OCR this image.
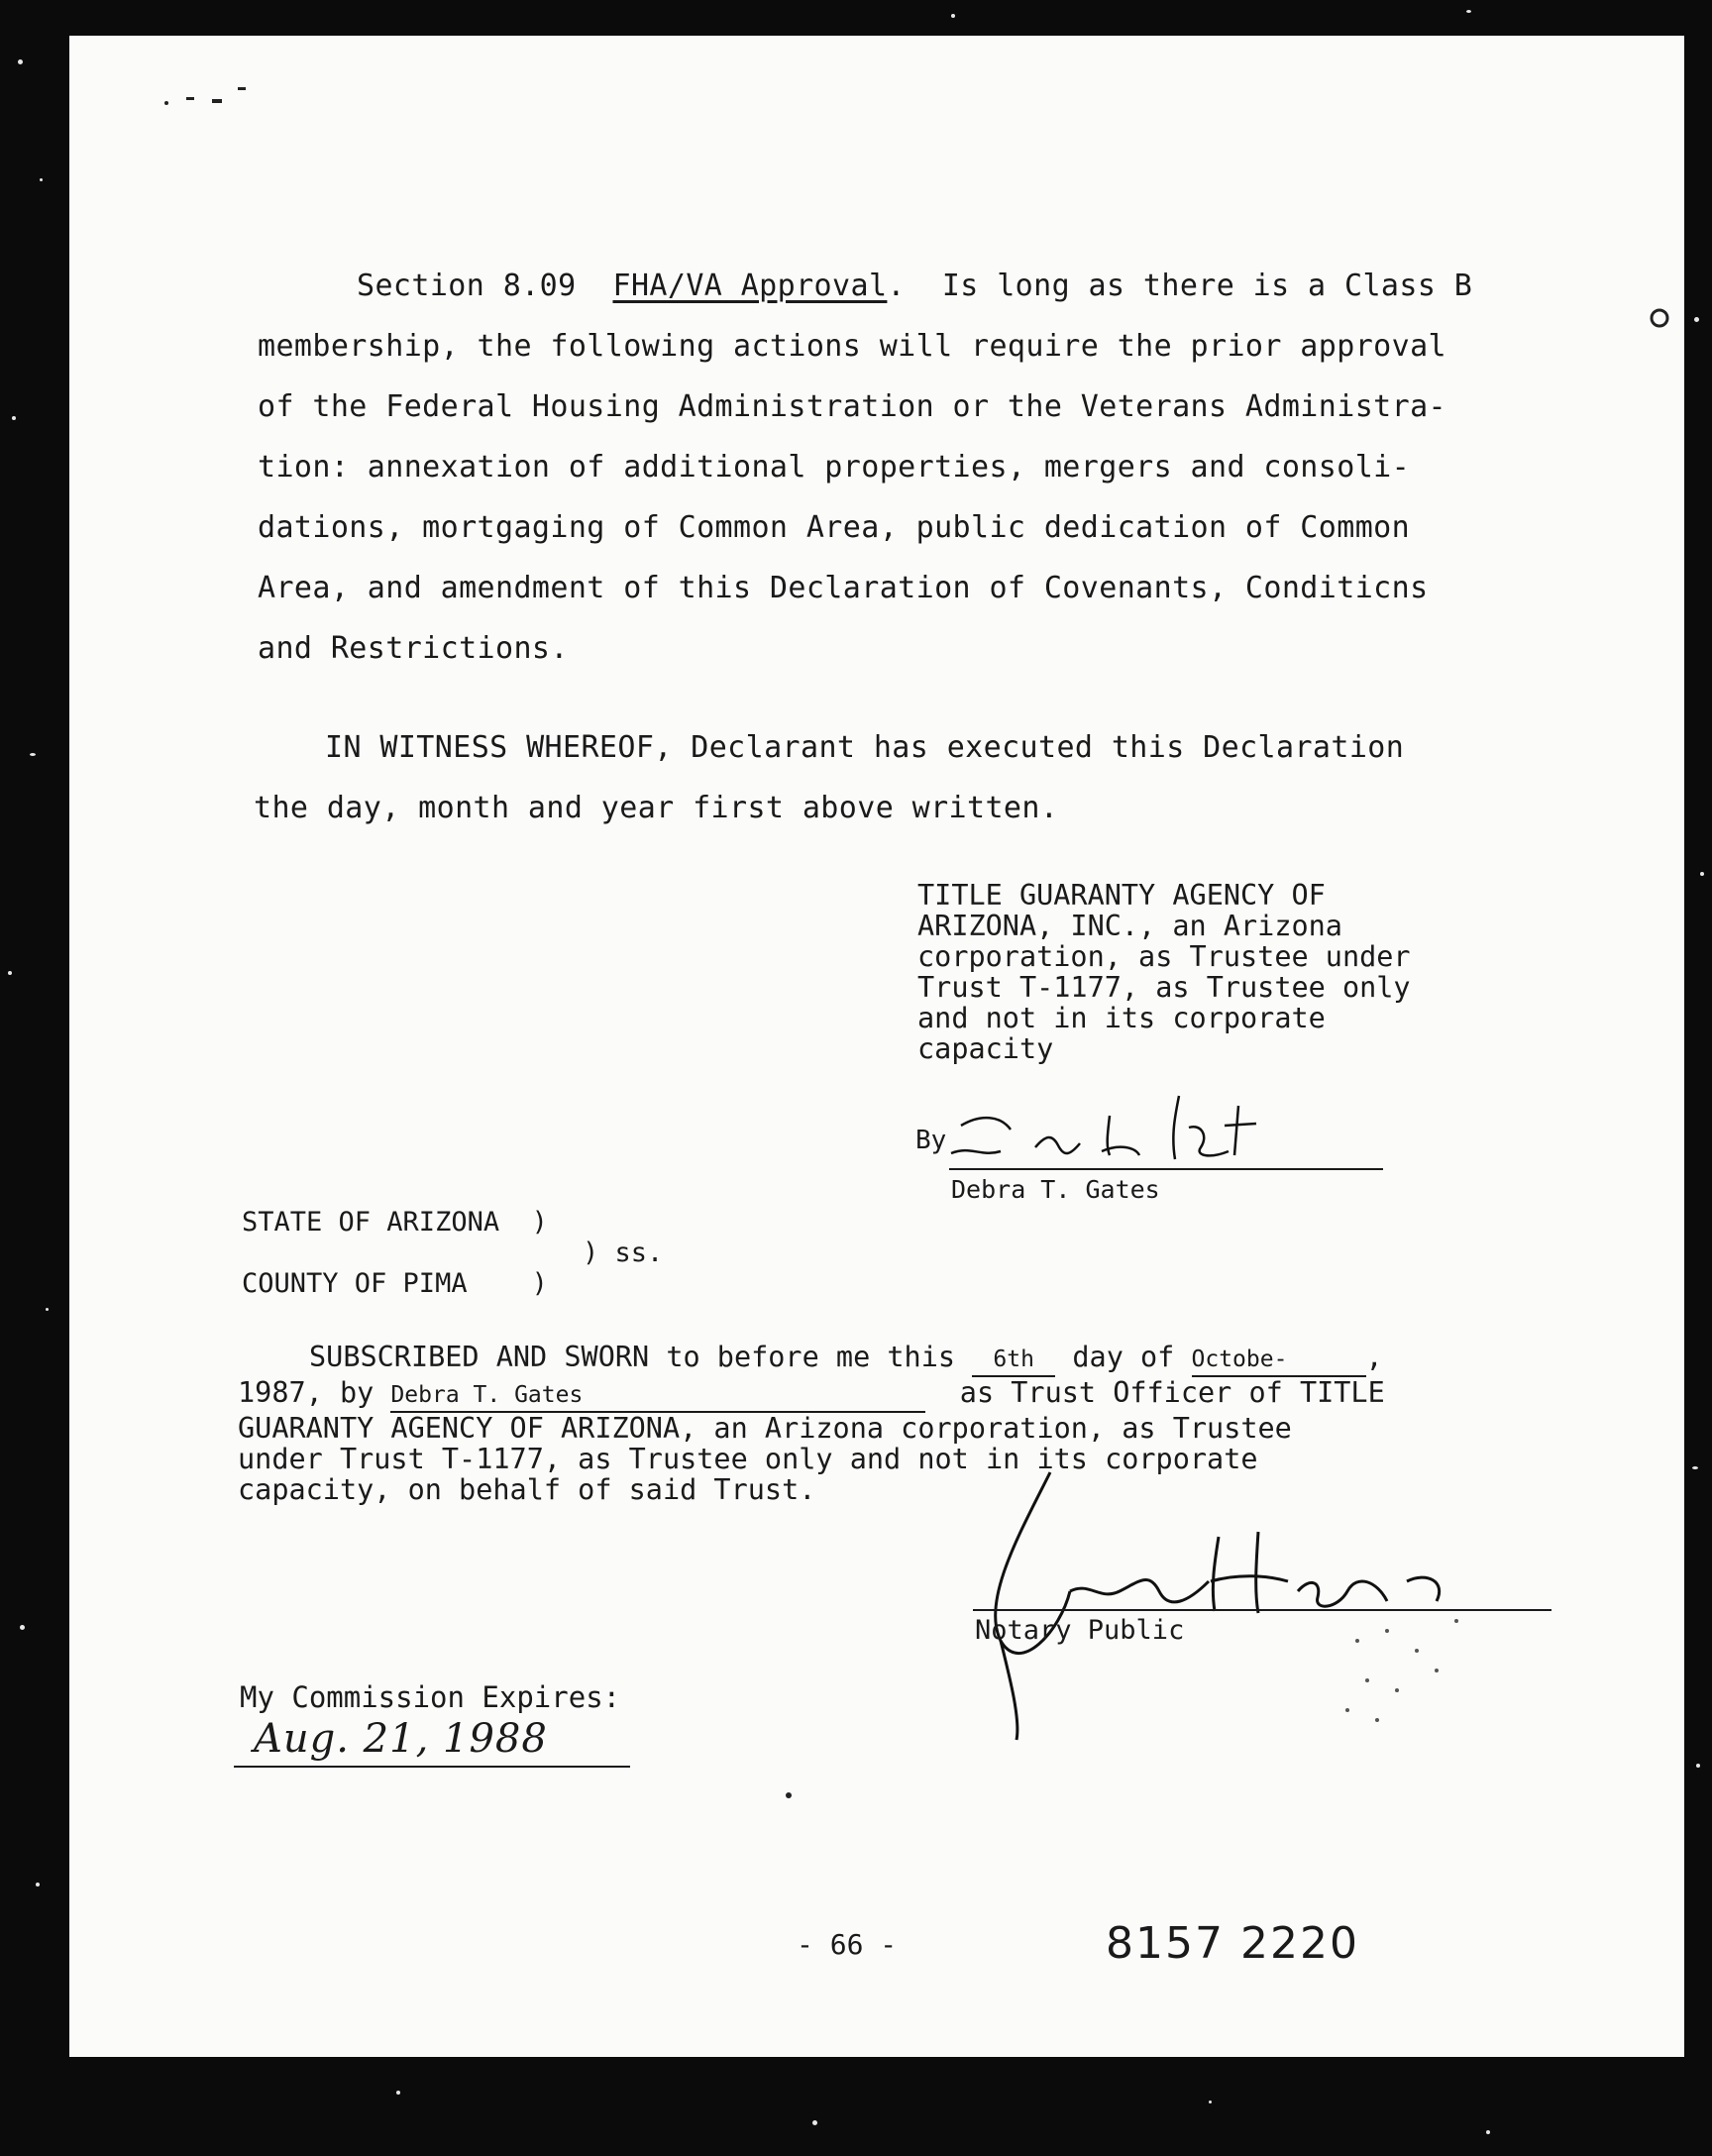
Section 8.09 FHA/VA Approval. Is long as there is a Class B
membership, the following actions will require the prior approval
of the Federal Housing Administration or the Veterans Administra-
tion: annexation of additional properties, mergers and consoli-
dations, mortgaging of Common Area, public dedication of Common
Area, and amendment of this Declaration of Covenants, Conditicns
and Restrictions.
IN WITNESS WHEREOF, Declarant has executed this Declaration
the day, month and year first above written.
TITLE GUARANTY AGENCY OF
ARIZONA, INC., an Arizona
corporation, as Trustee under
Trust T-1177, as Trustee only
and not in its corporate
capacity
By
Debra T. Gates
STATE OF ARIZONA )
) ss.
COUNTY OF PIMA )
SUBSCRIBED AND SWORN to before me this 6th day of Octobe-	,
1987, by Debra T. Gates	as Trust Officer of TITLE
GUARANTY AGENCY OF ARIZONA, an Arizona corporation, as Trustee
under Trust T-1177, as Trustee only and not in its corporate
capacity, on behalf of said Trust.
Notary Public
My Commission Expires:
Aug. 21, 1988
- 66 -	8157 2220
